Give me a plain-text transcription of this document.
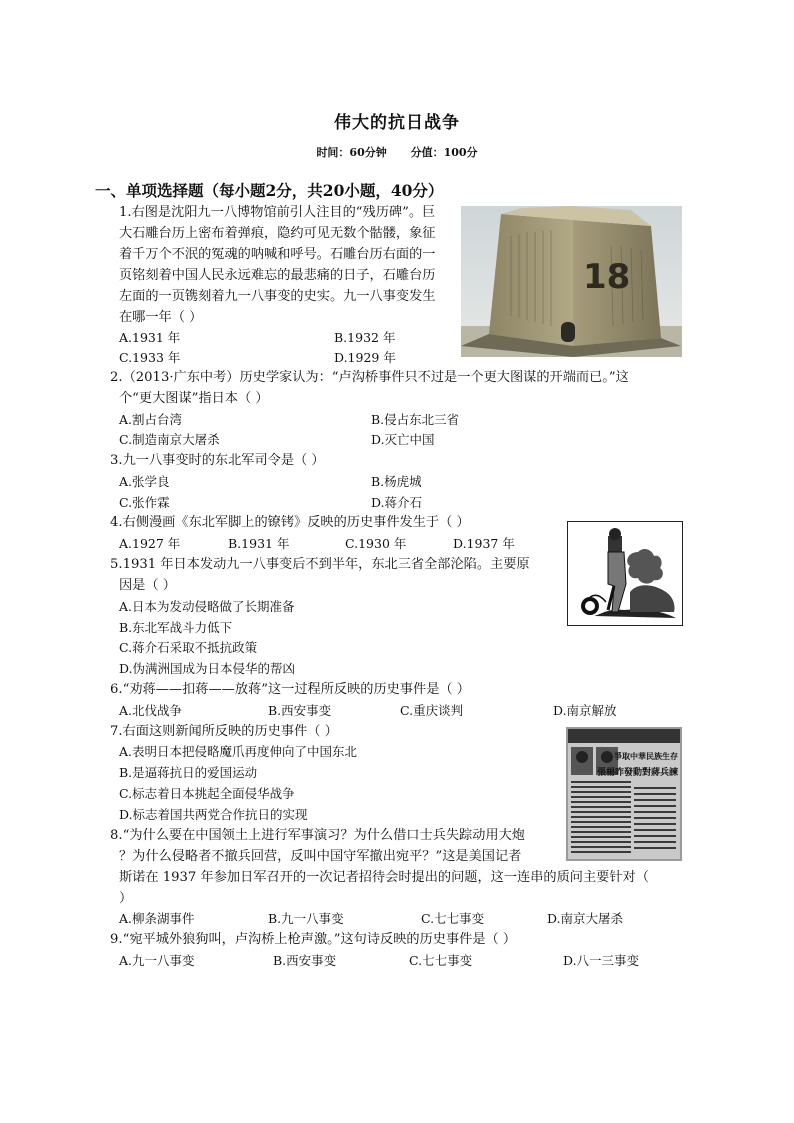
伟大的抗日战争
时间：60分钟 分值：100分
一、单项选择题（每小题2分，共20小题，40分）
1.右图是沈阳九一八博物馆前引人注目的“残历碑”。巨
大石雕台历上密布着弹痕，隐约可见无数个骷髅，象征
着千万个不泯的冤魂的呐喊和呼号。石雕台历右面的一
页铭刻着中国人民永远难忘的最悲痛的日子，石雕台历
左面的一页镌刻着九一八事变的史实。九一八事变发生
在哪一年（ ）
A.1931 年	B.1932 年
C.1933 年	D.1929 年
18
2.（2013·广东中考）历史学家认为：“卢沟桥事件只不过是一个更大图谋的开端而已。”这
个“更大图谋”指日本（ ）
A.割占台湾	B.侵占东北三省
C.制造南京大屠杀	D.灭亡中国
3.九一八事变时的东北军司令是（ ）
A.张学良	B.杨虎城
C.张作霖	D.蒋介石
4.右侧漫画《东北军脚上的镣铐》反映的历史事件发生于（ ）
A.1927 年	B.1931 年	C.1930 年	D.1937 年
5.1931 年日本发动九一八事变后不到半年，东北三省全部沦陷。主要原
因是（ ）
A.日本为发动侵略做了长期准备
B.东北军战斗力低下
C.蒋介石采取不抵抗政策
D.伪满洲国成为日本侵华的帮凶
6.“劝蒋——扣蒋——放蒋”这一过程所反映的历史事件是（ ）
A.北伐战争	B.西安事变	C.重庆谈判	D.南京解放
7.右面这则新闻所反映的历史事件（ ）
A.表明日本把侵略魔爪再度伸向了中国东北
B.是逼蒋抗日的爱国运动
C.标志着日本挑起全面侵华战争
D.标志着国共两党合作抗日的实现
爭取中華民族生存
張楊昨發動對蔣兵諫
8.“为什么要在中国领土上进行军事演习？为什么借口士兵失踪动用大炮
？为什么侵略者不撤兵回营，反叫中国守军撤出宛平？”这是美国记者
斯诺在 1937 年参加日军召开的一次记者招待会时提出的问题，这一连串的质问主要针对（
）
A.柳条湖事件	B.九一八事变	C.七七事变	D.南京大屠杀
9.“宛平城外狼狗叫，卢沟桥上枪声激。”这句诗反映的历史事件是（ ）
A.九一八事变	B.西安事变	C.七七事变	D.八一三事变
